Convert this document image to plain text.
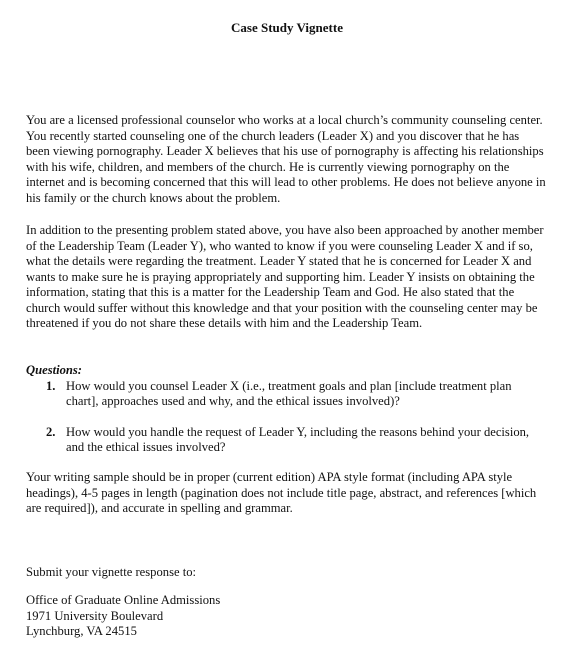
Case Study Vignette

You are a licensed professional counselor who works at a local church’s community counseling center. You recently started counseling one of the church leaders (Leader X) and you discover that he has been viewing pornography. Leader X believes that his use of pornography is affecting his relationships with his wife, children, and members of the church. He is currently viewing pornography on the internet and is becoming concerned that this will lead to other problems. He does not believe anyone in his family or the church knows about the problem.

In addition to the presenting problem stated above, you have also been approached by another member of the Leadership Team (Leader Y), who wanted to know if you were counseling Leader X and if so, what the details were regarding the treatment. Leader Y stated that he is concerned for Leader X and wants to make sure he is praying appropriately and supporting him. Leader Y insists on obtaining the information, stating that this is a matter for the Leadership Team and God. He also stated that the church would suffer without this knowledge and that your position with the counseling center may be threatened if you do not share these details with him and the Leadership Team.

Questions:

1. How would you counsel Leader X (i.e., treatment goals and plan [include treatment plan chart], approaches used and why, and the ethical issues involved)?
2. How would you handle the request of Leader Y, including the reasons behind your decision, and the ethical issues involved?

Your writing sample should be in proper (current edition) APA style format (including APA style headings), 4-5 pages in length (pagination does not include title page, abstract, and references [which are required]), and accurate in spelling and grammar.

Submit your vignette response to:

Office of Graduate Online Admissions
1971 University Boulevard
Lynchburg, VA 24515
